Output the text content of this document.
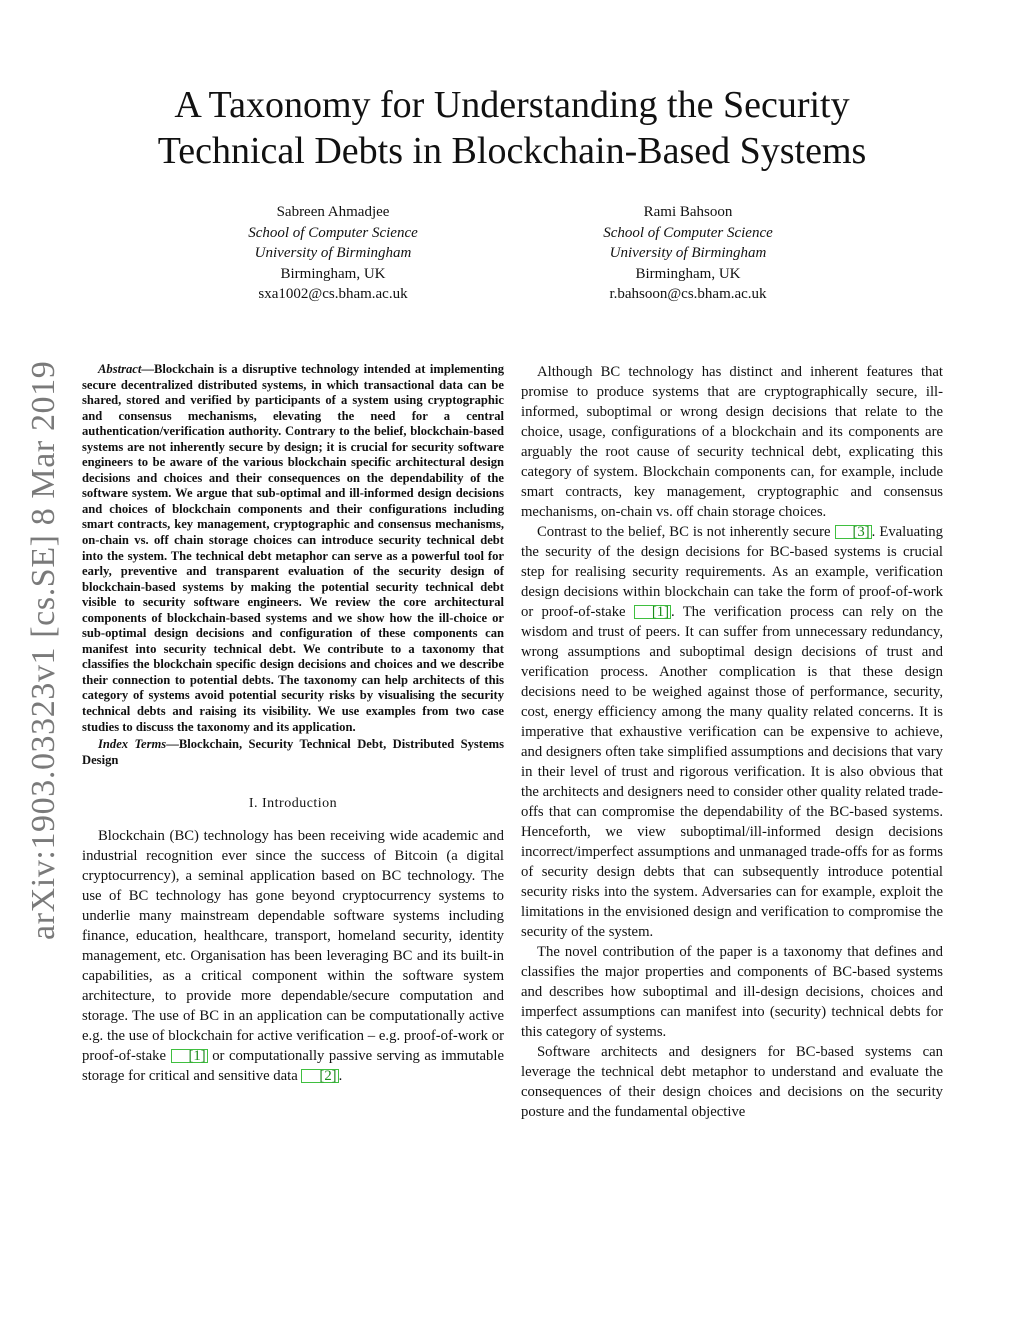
arXiv:1903.03323v1 [cs.SE] 8 Mar 2019
A Taxonomy for Understanding the Security
Technical Debts in Blockchain-Based Systems
Sabreen Ahmadjee
School of Computer Science
University of Birmingham
Birmingham, UK
sxa1002@cs.bham.ac.uk
Rami Bahsoon
School of Computer Science
University of Birmingham
Birmingham, UK
r.bahsoon@cs.bham.ac.uk

Abstract—Blockchain is a disruptive technology intended at implementing secure decentralized distributed systems, in which transactional data can be shared, stored and verified by participants of a system using cryptographic and consensus mechanisms, elevating the need for a central authentication/verification authority. Contrary to the belief, blockchain-based systems are not inherently secure by design; it is crucial for security software engineers to be aware of the various blockchain specific architectural design decisions and choices and their consequences on the dependability of the software system. We argue that sub-optimal and ill-informed design decisions and choices of blockchain components and their configurations including smart contracts, key management, cryptographic and consensus mechanisms, on-chain vs. off chain storage choices can introduce security technical debt into the system. The technical debt metaphor can serve as a powerful tool for early, preventive and transparent evaluation of the security design of blockchain-based systems by making the potential security technical debt visible to security software engineers. We review the core architectural components of blockchain-based systems and we show how the ill-choice or sub-optimal design decisions and configuration of these components can manifest into security technical debt. We contribute to a taxonomy that classifies the blockchain specific design decisions and choices and we describe their connection to potential debts. The taxonomy can help architects of this category of systems avoid potential security risks by visualising the security technical debts and raising its visibility. We use examples from two case studies to discuss the taxonomy and its application.

Index Terms—Blockchain, Security Technical Debt, Distributed Systems Design

I. Introduction

Blockchain (BC) technology has been receiving wide academic and industrial recognition ever since the success of Bitcoin (a digital cryptocurrency), a seminal application based on BC technology. The use of BC technology has gone beyond cryptocurrency systems to underlie many mainstream dependable software systems including finance, education, healthcare, transport, homeland security, identity management, etc. Organisation has been leveraging BC and its built-in capabilities, as a critical component within the software system architecture, to provide more dependable/secure computation and storage. The use of BC in an application can be computationally active e.g. the use of blockchain for active verification – e.g. proof-of-work or proof-of-stake [1] or computationally passive serving as immutable storage for critical and sensitive data [2] .

Although BC technology has distinct and inherent features that promise to produce systems that are cryptographically secure, ill-informed, suboptimal or wrong design decisions that relate to the choice, usage, configurations of a blockchain and its components are arguably the root cause of security technical debt, explicating this category of system. Blockchain components can, for example, include smart contracts, key management, cryptographic and consensus mechanisms, on-chain vs. off chain storage choices.

Contrast to the belief, BC is not inherently secure [3] . Evaluating the security of the design decisions for BC-based systems is crucial step for realising security requirements. As an example, verification design decisions within blockchain can take the form of proof-of-work or proof-of-stake [1] . The verification process can rely on the wisdom and trust of peers. It can suffer from unnecessary redundancy, wrong assumptions and suboptimal design decisions of trust and verification process. Another complication is that these design decisions need to be weighed against those of performance, security, cost, energy efficiency among the many quality related concerns. It is imperative that exhaustive verification can be expensive to achieve, and designers often take simplified assumptions and decisions that vary in their level of trust and rigorous verification. It is also obvious that the architects and designers need to consider other quality related trade-offs that can compromise the dependability of the BC-based systems. Henceforth, we view suboptimal/ill-informed design decisions incorrect/imperfect assumptions and unmanaged trade-offs for as forms of security design debts that can subsequently introduce potential security risks into the system. Adversaries can for example, exploit the limitations in the envisioned design and verification to compromise the security of the system.

The novel contribution of the paper is a taxonomy that defines and classifies the major properties and components of BC-based systems and describes how suboptimal and ill-design decisions, choices and imperfect assumptions can manifest into (security) technical debts for this category of systems.

Software architects and designers for BC-based systems can leverage the technical debt metaphor to understand and evaluate the consequences of their design choices and decisions on the security posture and the fundamental objective
